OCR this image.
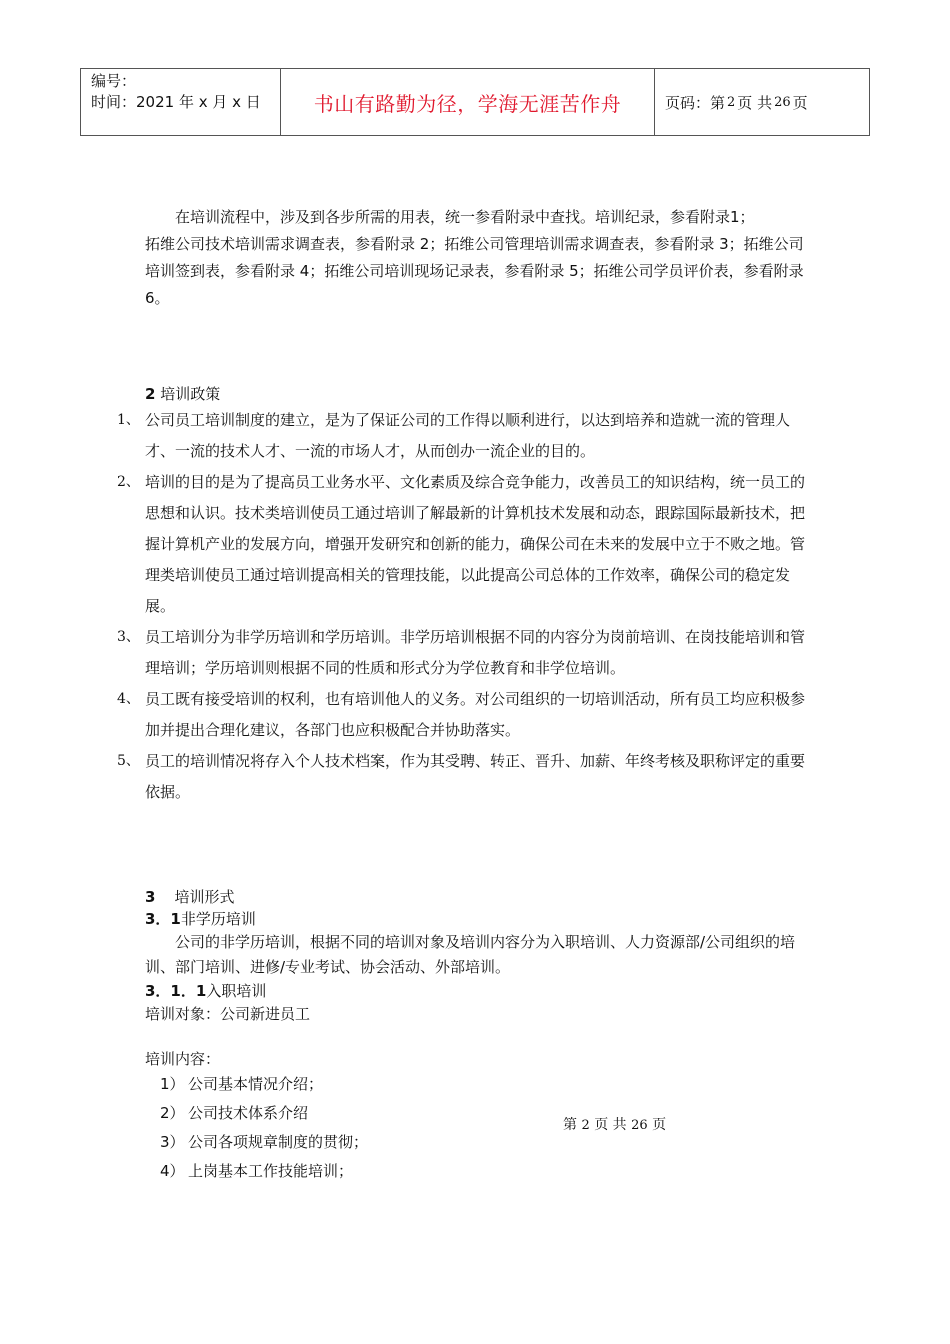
编号：
时间：2021 年 x 月 x 日	书山有路勤为径，学海无涯苦作舟	页码：第 2 页 共 26 页

在培训流程中，涉及到各步所需的用表，统一参看附录中查找。培训纪录，参看附录1；

拓维公司技术培训需求调查表，参看附录 2；拓维公司管理培训需求调查表，参看附录 3；拓维公司培训签到表，参看附录 4；拓维公司培训现场记录表，参看附录 5；拓维公司学员评价表，参看附录 6。

2 培训政策

1、 公司员工培训制度的建立，是为了保证公司的工作得以顺利进行，以达到培养和造就一流的管理人才、一流的技术人才、一流的市场人才，从而创办一流企业的目的。
2、 培训的目的是为了提高员工业务水平、文化素质及综合竞争能力，改善员工的知识结构，统一员工的思想和认识。技术类培训使员工通过培训了解最新的计算机技术发展和动态，跟踪国际最新技术，把握计算机产业的发展方向，增强开发研究和创新的能力，确保公司在未来的发展中立于不败之地。管理类培训使员工通过培训提高相关的管理技能，以此提高公司总体的工作效率，确保公司的稳定发展。
3、 员工培训分为非学历培训和学历培训。非学历培训根据不同的内容分为岗前培训、在岗技能培训和管理培训；学历培训则根据不同的性质和形式分为学位教育和非学位培训。
4、 员工既有接受培训的权利，也有培训他人的义务。对公司组织的一切培训活动，所有员工均应积极参加并提出合理化建议，各部门也应积极配合并协助落实。
5、 员工的培训情况将存入个人技术档案，作为其受聘、转正、晋升、加薪、年终考核及职称评定的重要依据。

3 培训形式

3．1非学历培训

公司的非学历培训，根据不同的培训对象及培训内容分为入职培训、人力资源部/公司组织的培训、部门培训、进修/专业考试、协会活动、外部培训。

3．1．1入职培训

培训对象：公司新进员工

培训内容：

1） 公司基本情况介绍；
2） 公司技术体系介绍
3） 公司各项规章制度的贯彻；
4） 上岗基本工作技能培训；
第 2 页 共 26 页
